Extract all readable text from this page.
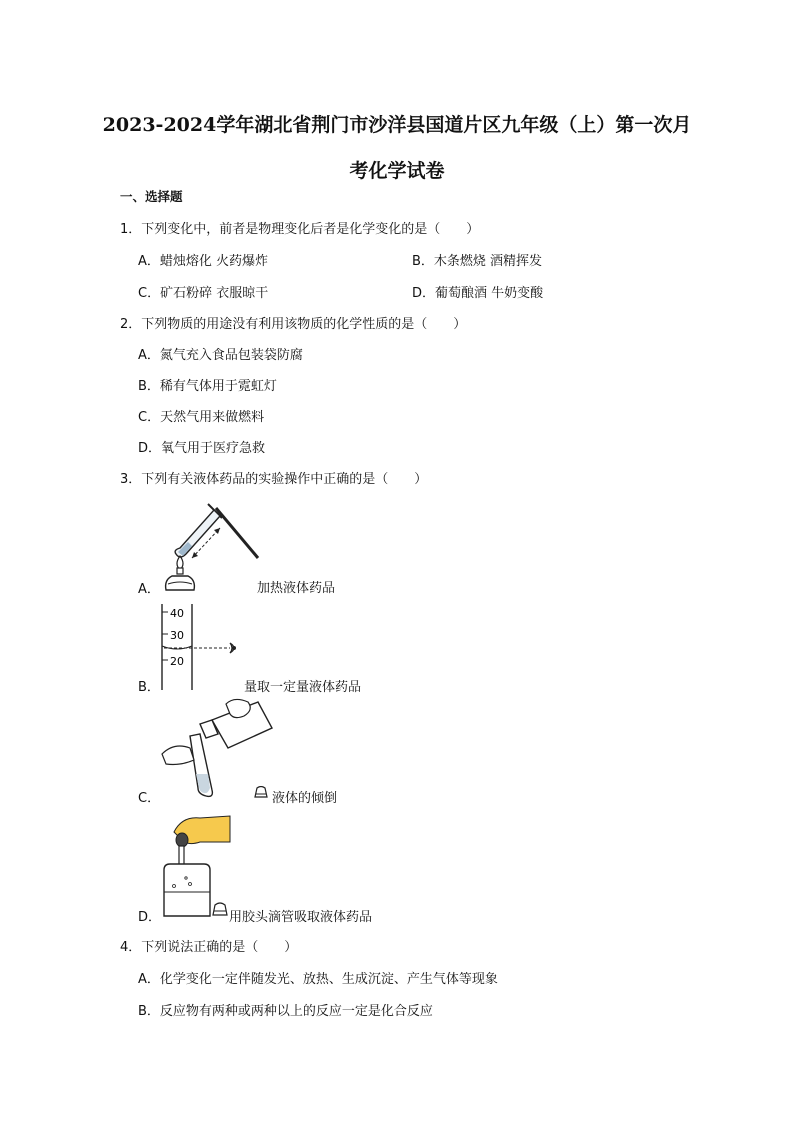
2023-2024学年湖北省荆门市沙洋县国道片区九年级（上）第一次月考化学试卷
一、选择题
1．下列变化中，前者是物理变化后者是化学变化的是（　　）
A．蜡烛熔化 火药爆炸	B．木条燃烧 酒精挥发
C．矿石粉碎 衣服晾干	D．葡萄酿酒 牛奶变酸
2．下列物质的用途没有利用该物质的化学性质的是（　　）
A．氮气充入食品包装袋防腐
B．稀有气体用于霓虹灯
C．天然气用来做燃料
D．氧气用于医疗急救
3．下列有关液体药品的实验操作中正确的是（　　）
A．	加热液体药品
40
30
20
B．	量取一定量液体药品
C．	液体的倾倒
D．	用胶头滴管吸取液体药品
4．下列说法正确的是（　　）
A．化学变化一定伴随发光、放热、生成沉淀、产生气体等现象
B．反应物有两种或两种以上的反应一定是化合反应
